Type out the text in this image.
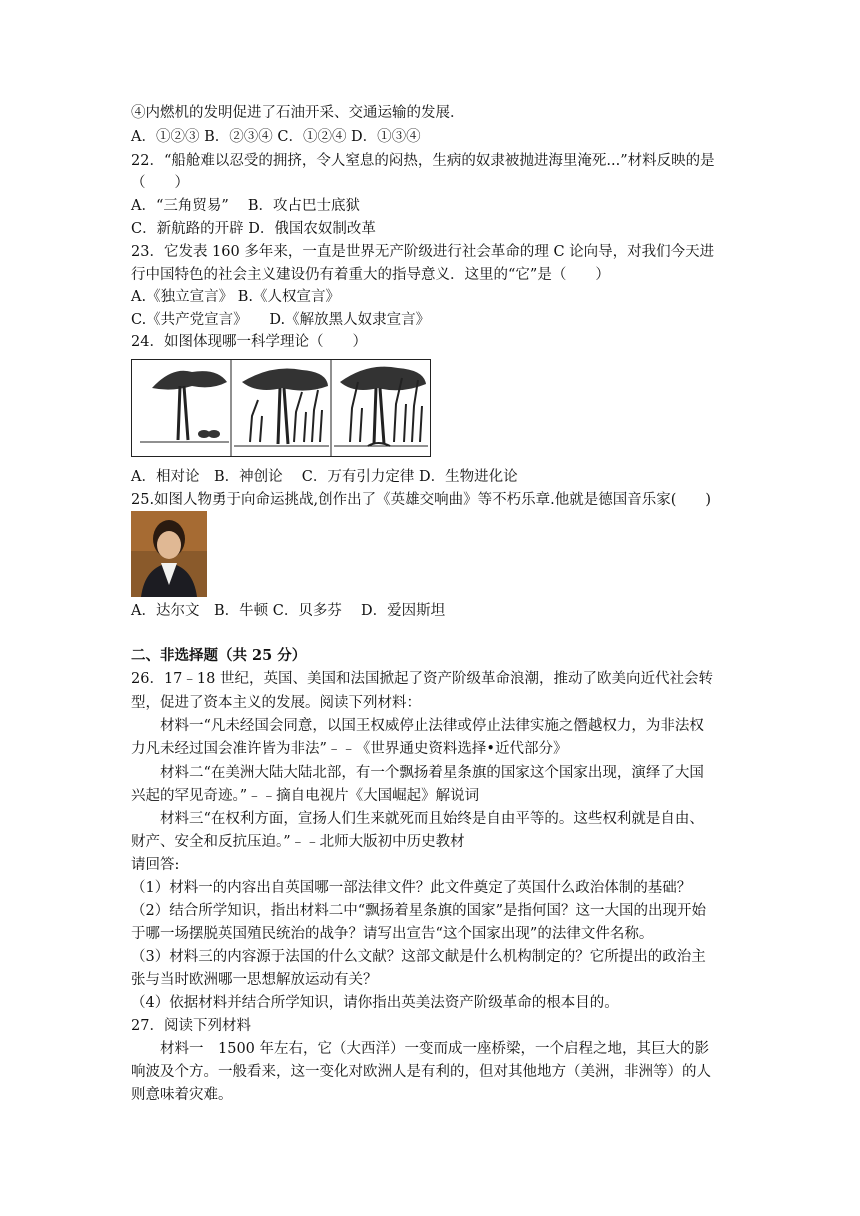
④内燃机的发明促进了石油开采、交通运输的发展．
A．①②③ B．②③④ C．①②④ D．①③④
22．“船舱难以忍受的拥挤，令人窒息的闷热，生病的奴隶被抛进海里淹死...”材料反映的是
（　　）
A．“三角贸易”　 B．攻占巴士底狱
C．新航路的开辟 D．俄国农奴制改革
23．它发表 160 多年来，一直是世界无产阶级进行社会革命的理 C 论向导，对我们今天进
行中国特色的社会主义建设仍有着重大的指导意义．这里的“它”是（　　）
A.《独立宣言》 B.《人权宣言》
C.《共产党宣言》　　D.《解放黑人奴隶宣言》
24．如图体现哪一科学理论（　　）
A．相对论　B．神创论　 C．万有引力定律 D．生物进化论
25.如图人物勇于向命运挑战,创作出了《英雄交响曲》等不朽乐章.他就是德国音乐家(　　)
A．达尔文　B．牛顿 C．贝多芬　 D．爱因斯坦
二、非选择题（共 25 分）
26．17﹣18 世纪，英国、美国和法国掀起了资产阶级革命浪潮，推动了欧美向近代社会转
型，促进了资本主义的发展。阅读下列材料：
材料一“凡未经国会同意，以国王权威停止法律或停止法律实施之僭越权力，为非法权
力凡未经过国会准许皆为非法”﹣﹣《世界通史资料选择•近代部分》
材料二“在美洲大陆大陆北部，有一个飘扬着星条旗的国家这个国家出现，演绎了大国
兴起的罕见奇迹。”﹣﹣摘自电视片《大国崛起》解说词
材料三“在权利方面，宣扬人们生来就死而且始终是自由平等的。这些权利就是自由、
财产、安全和反抗压迫。”﹣﹣北师大版初中历史教材
请回答:
（1）材料一的内容出自英国哪一部法律文件？此文件奠定了英国什么政治体制的基础？
（2）结合所学知识，指出材料二中“飘扬着星条旗的国家”是指何国？这一大国的出现开始
于哪一场摆脱英国殖民统治的战争？请写出宣告“这个国家出现”的法律文件名称。
（3）材料三的内容源于法国的什么文献？这部文献是什么机构制定的？它所提出的政治主
张与当时欧洲哪一思想解放运动有关？
（4）依据材料并结合所学知识，请你指出英美法资产阶级革命的根本目的。
27．阅读下列材料
材料一　1500 年左右，它（大西洋）一变而成一座桥梁，一个启程之地，其巨大的影
响波及个方。一般看来，这一变化对欧洲人是有利的，但对其他地方（美洲，非洲等）的人
则意味着灾难。
